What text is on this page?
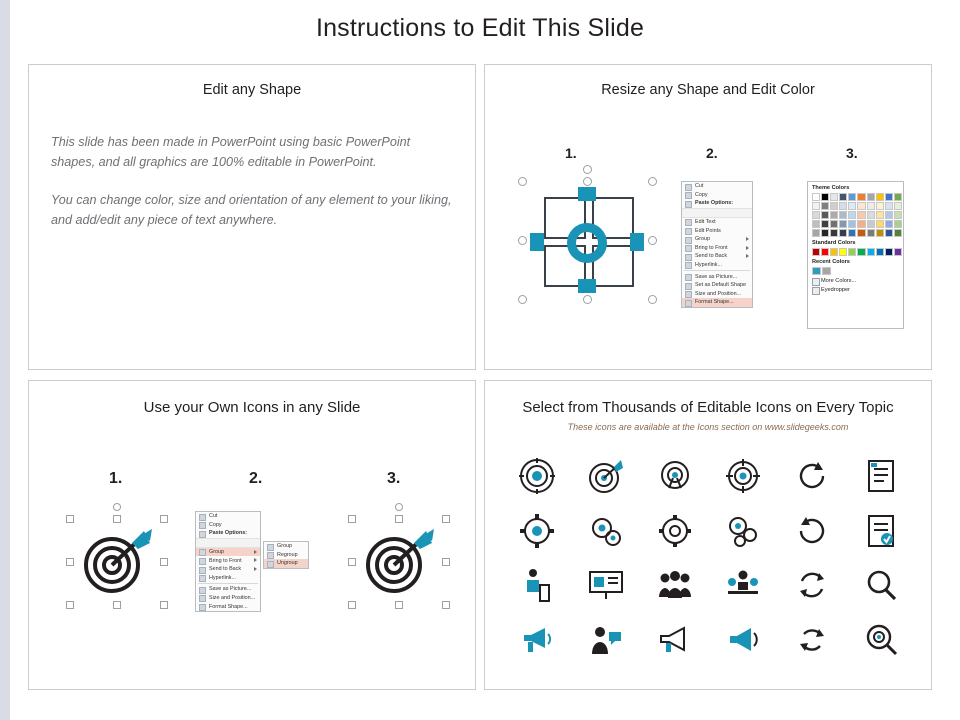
Instructions to Edit This Slide
Edit any Shape

This slide has been made in PowerPoint using basic PowerPoint shapes, and all graphics are 100% editable in PowerPoint.

You can change color, size and orientation of any element to your liking, and add/edit any piece of text anywhere.

Resize any Shape and Edit Color
1.	2.	3.
Cut
Copy
Paste Options:
Edit Text
Edit Points
Group
Bring to Front
Send to Back
Hyperlink...
Save as Picture...
Set as Default Shape
Size and Position...
Format Shape...
Theme Colors
Standard Colors
Recent Colors
More Colors...
Eyedropper
Use your Own Icons in any Slide
1.	2.	3.
Cut
Copy
Paste Options:
Group
Bring to Front
Send to Back
Hyperlink...
Save as Picture...
Size and Position...
Format Shape...
Group
Regroup
Ungroup
Select from Thousands of Editable Icons on Every Topic
These icons are available at the Icons section on www.slidegeeks.com
